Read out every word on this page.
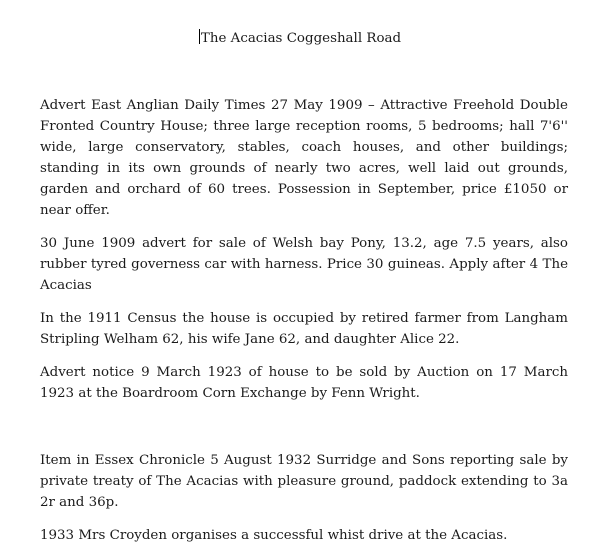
The Acacias Coggeshall Road

Advert East Anglian Daily Times 27 May 1909 – Attractive Freehold Double Fronted Country House; three large reception rooms, 5 bedrooms; hall 7'6'' wide, large conservatory, stables, coach houses, and other buildings; standing in its own grounds of nearly two acres, well laid out grounds, garden and orchard of 60 trees. Possession in September, price £1050 or near offer.

30 June 1909 advert for sale of Welsh bay Pony, 13.2, age 7.5 years, also rubber tyred governess car with harness. Price 30 guineas. Apply after 4 The Acacias

In the 1911 Census the house is occupied by retired farmer from Langham Stripling Welham 62, his wife Jane 62, and daughter Alice 22.

Advert notice 9 March 1923 of house to be sold by Auction on 17 March 1923 at the Boardroom Corn Exchange by Fenn Wright.

Item in Essex Chronicle 5 August 1932 Surridge and Sons reporting sale by private treaty of The Acacias with pleasure ground, paddock extending to 3a 2r and 36p.

1933 Mrs Croyden organises a successful whist drive at the Acacias.
